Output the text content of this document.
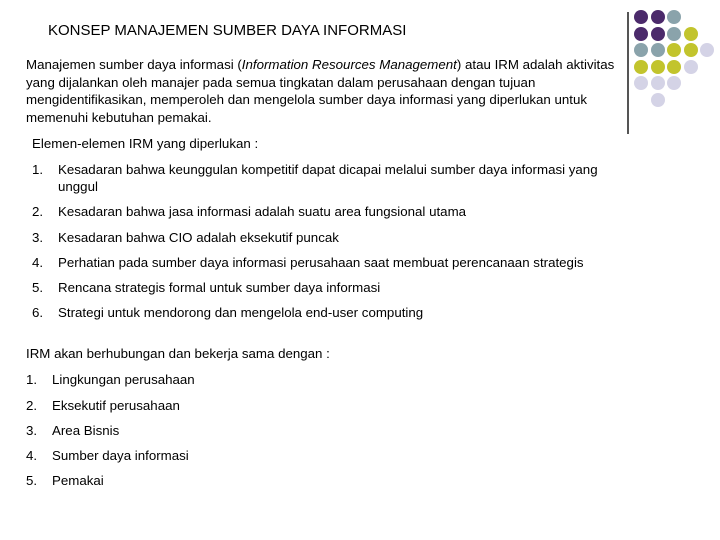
KONSEP MANAJEMEN SUMBER DAYA INFORMASI
Manajemen sumber daya informasi (Information Resources Management) atau IRM adalah aktivitas yang dijalankan oleh manajer pada semua tingkatan dalam perusahaan dengan tujuan mengidentifikasikan, memperoleh dan mengelola sumber daya informasi yang diperlukan untuk memenuhi kebutuhan pemakai.
Elemen-elemen IRM yang diperlukan :
1.	Kesadaran bahwa keunggulan kompetitif dapat dicapai melalui sumber daya informasi yang unggul
2.	Kesadaran bahwa jasa informasi adalah suatu area fungsional utama
3.	Kesadaran bahwa CIO adalah eksekutif puncak
4.	Perhatian pada sumber daya informasi perusahaan saat membuat perencanaan strategis
5.	Rencana strategis formal untuk sumber daya informasi
6.	Strategi untuk mendorong dan mengelola end-user computing
IRM akan berhubungan dan bekerja sama dengan :
1.	Lingkungan perusahaan
2.	Eksekutif perusahaan
3.	Area Bisnis
4.	Sumber daya informasi
5.	Pemakai
